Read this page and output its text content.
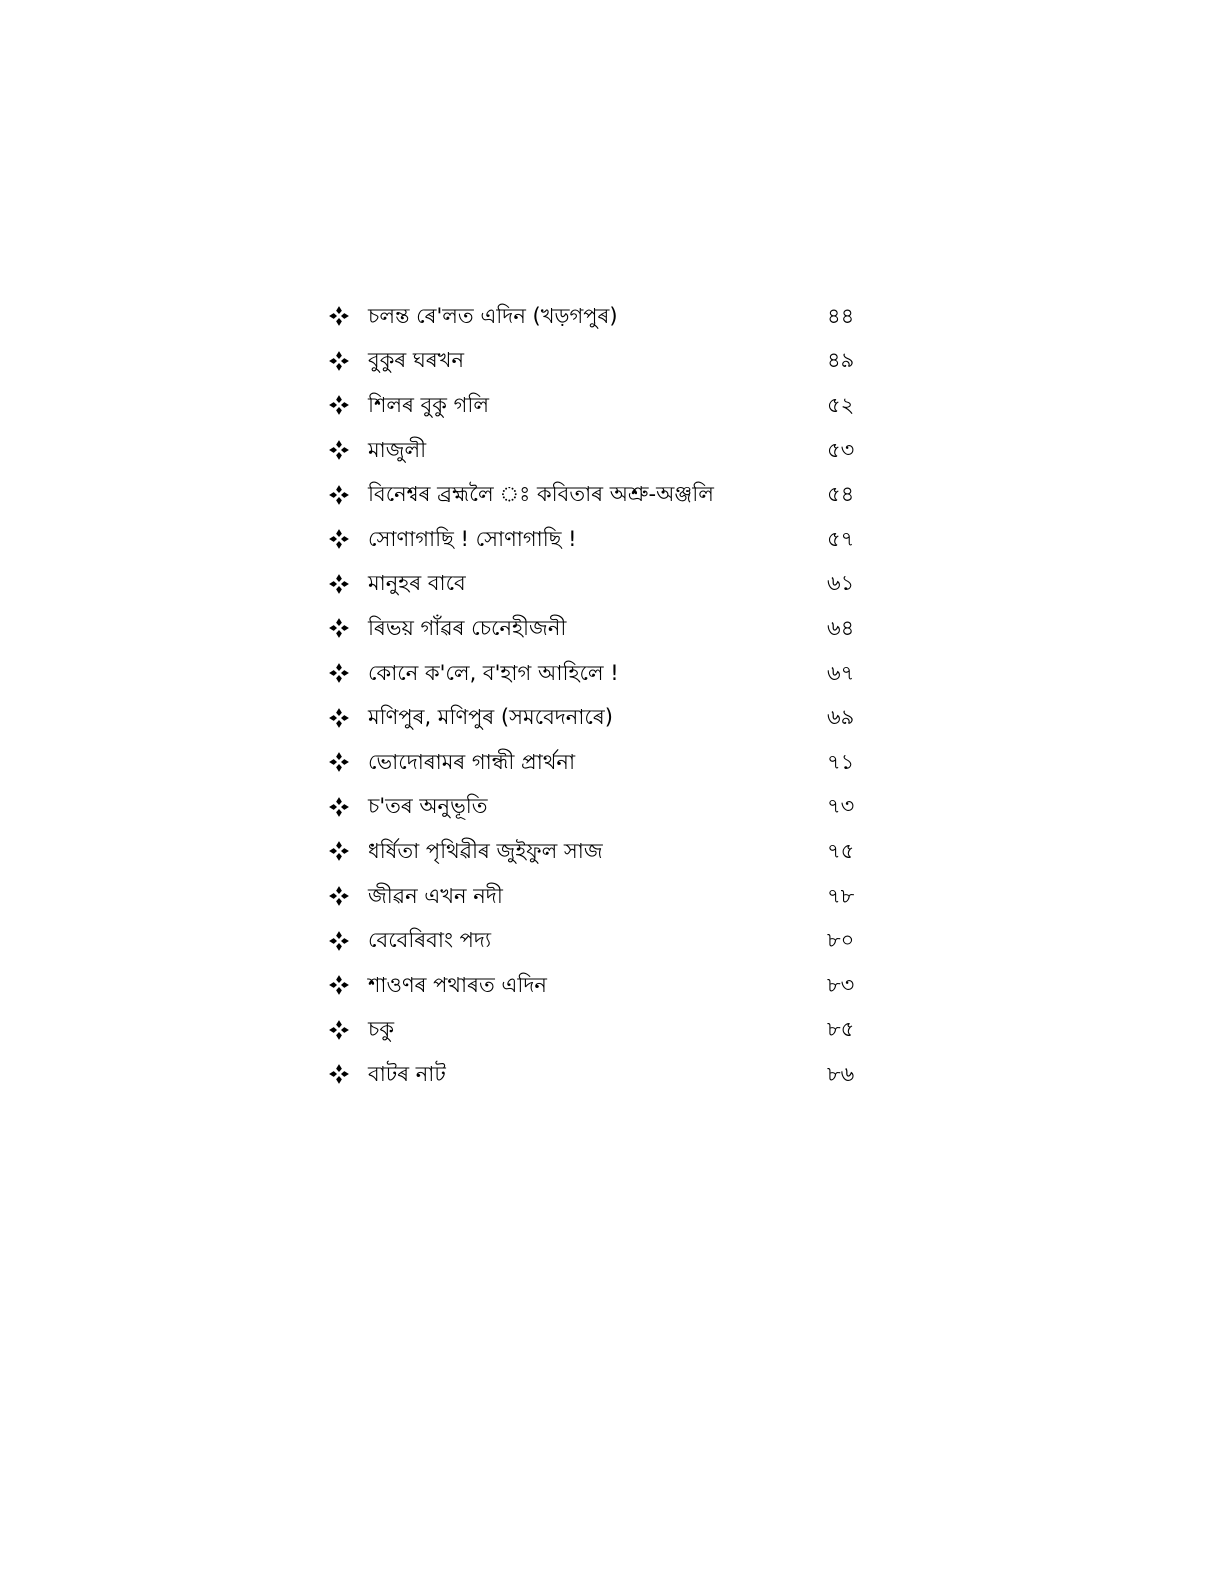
চলন্ত ৰে'লত এদিন (খড়গপুৰ)	৪৪
বুকুৰ ঘৰখন	৪৯
শিলৰ বুকু গলি	৫২
মাজুলী	৫৩
বিনেশ্বৰ ব্ৰহ্মলৈ ঃ কবিতাৰ অশ্ৰু-অঞ্জলি	৫৪
সোণাগাছি ! সোণাগাছি !	৫৭
মানুহৰ বাবে	৬১
ৰিভয় গাঁৱৰ চেনেহীজনী	৬৪
কোনে ক'লে, ব'হাগ আহিলে !	৬৭
মণিপুৰ, মণিপুৰ (সমবেদনাৰে)	৬৯
ভোদোৰামৰ গান্ধী প্ৰাৰ্থনা	৭১
চ'তৰ অনুভূতি	৭৩
ধৰ্ষিতা পৃথিৱীৰ জুইফুল সাজ	৭৫
জীৱন এখন নদী	৭৮
বেবেৰিবাং পদ্য	৮০
শাওণৰ পথাৰত এদিন	৮৩
চকু	৮৫
বাটৰ নাট	৮৬
